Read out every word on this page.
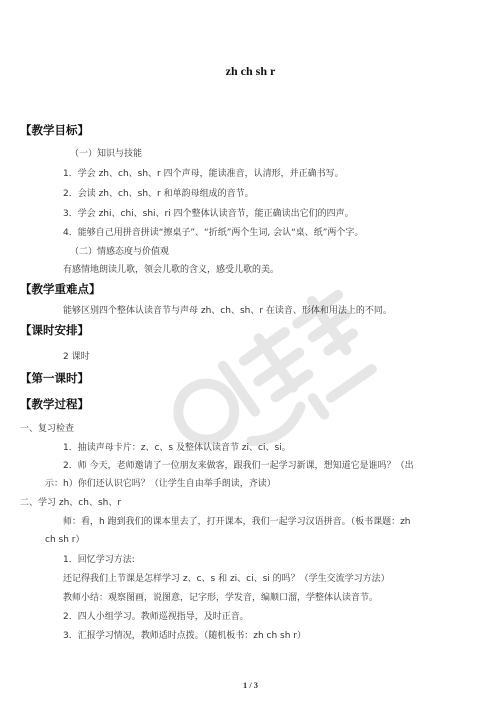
zh ch sh r
【教学目标】
（一）知识与技能
1．学会 zh、ch、sh、r 四个声母，能读准音，认清形，并正确书写。
2．会读 zh、ch、sh、r 和单韵母组成的音节。
3．学会 zhi、chi、shi、ri 四个整体认读音节，能正确读出它们的四声。
4．能够自己用拼音拼读“擦桌子”、“折纸”两个生词, 会认“桌、纸”两个字。
（二）情感态度与价值观
有感情地朗读儿歌，领会儿歌的含义，感受儿歌的美。
【教学重难点】
能够区别四个整体认读音节与声母 zh、ch、sh、r 在读音、形体和用法上的不同。
【课时安排】
2 课时
【第一课时】
【教学过程】
一、复习检查
1．抽读声母卡片：z、c、s 及整体认读音节 zi、ci、si。
2．师 今天，老师邀请了一位朋友来做客，跟我们一起学习新课，想知道它是谁吗？（出
示：h）你们还认识它吗？（让学生自由举手朗读，齐读）
二、学习 zh、ch、sh、r
师：看，h 跑到我们的课本里去了，打开课本，我们一起学习汉语拼音。（板书课题：zh
ch sh r）
1．回忆学习方法:
还记得我们上节课是怎样学习 z、c、s 和 zi、ci、si 的吗？（学生交流学习方法）
教师小结：观察图画，说图意，记字形，学发音，编顺口溜，学整体认读音节。
2．四人小组学习。教师巡视指导，及时正音。
3．汇报学习情况，教师适时点拨。（随机板书：zh ch sh r）
1 / 3
